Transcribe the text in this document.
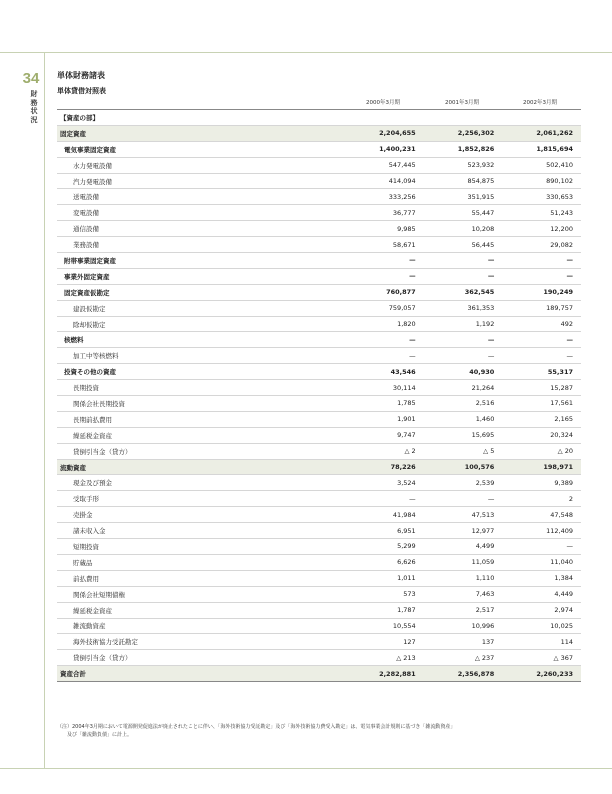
34
財務状況
単体財務諸表
単体貸借対照表
2000年3月期	2001年3月期	2002年3月期
【資産の部】			
固定資産	2,204,655	2,256,302	2,061,262
電気事業固定資産	1,400,231	1,852,826	1,815,694
水力発電設備	547,445	523,932	502,410
汽力発電設備	414,094	854,875	890,102
送電設備	333,256	351,915	330,653
変電設備	36,777	55,447	51,243
通信設備	9,985	10,208	12,200
業務設備	58,671	56,445	29,082
附帯事業固定資産	—	—	—
事業外固定資産	—	—	—
固定資産仮勘定	760,877	362,545	190,249
建設仮勘定	759,057	361,353	189,757
除却仮勘定	1,820	1,192	492
核燃料	—	—	—
加工中等核燃料	—	—	—
投資その他の資産	43,546	40,930	55,317
長期投資	30,114	21,264	15,287
関係会社長期投資	1,785	2,516	17,561
長期前払費用	1,901	1,460	2,165
繰延税金資産	9,747	15,695	20,324
貸倒引当金（貸方）	△ 2	△ 5	△ 20
流動資産	78,226	100,576	198,971
現金及び預金	3,524	2,539	9,389
受取手形	—	—	2
売掛金	41,984	47,513	47,548
諸未収入金	6,951	12,977	112,409
短期投資	5,299	4,499	—
貯蔵品	6,626	11,059	11,040
前払費用	1,011	1,110	1,384
関係会社短期債権	573	7,463	4,449
繰延税金資産	1,787	2,517	2,974
雑流動資産	10,554	10,996	10,025
海外技術協力受託勘定	127	137	114
貸倒引当金（貸方）	△ 213	△ 237	△ 367
資産合計	2,282,881	2,356,878	2,260,233
（注）2004年3月期において電源開発促進法が廃止されたことに伴い、「海外技術協力受託勘定」及び「海外技術協力費受入勘定」は、電気事業会計規則に基づき「雑流動資産」
及び「雑流動負債」に計上。
